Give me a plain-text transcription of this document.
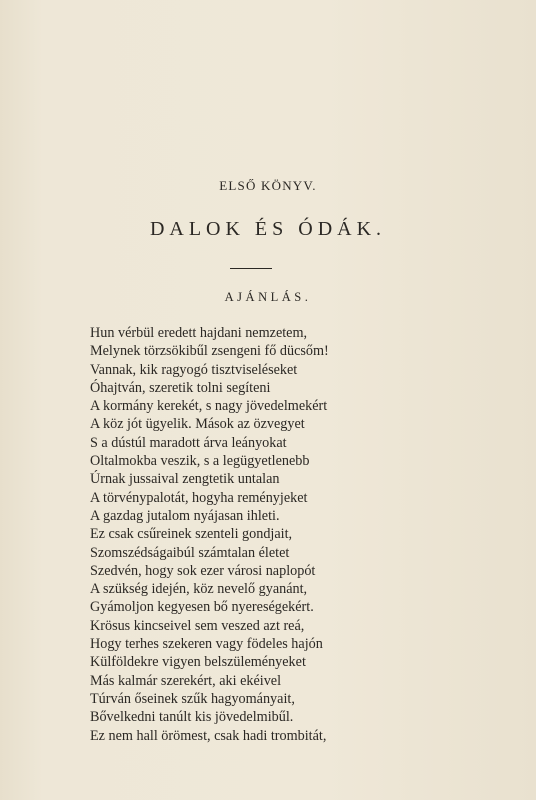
ELSŐ KÖNYV.
DALOK ÉS ÓDÁK.
AJÁNLÁS.
Hun vérbül eredett hajdani nemzetem,
Melynek törzsökibűl zsengeni fő dücsőm!
Vannak, kik ragyogó tisztviseléseket
Óhajtván, szeretik tolni segíteni
A kormány kerekét, s nagy jövedelmekért
A köz jót ügyelik. Mások az özvegyet
S a dústúl maradott árva leányokat
Oltalmokba veszik, s a legügyetlenebb
Úrnak jussaival zengtetik untalan
A törvénypalotát, hogyha reményjeket
A gazdag jutalom nyájasan ihleti.
Ez csak csűreinek szenteli gondjait,
Szomszédságaibúl számtalan életet
Szedvén, hogy sok ezer városi naplopót
A szükség idején, köz nevelő gyanánt,
Gyámoljon kegyesen bő nyereségekért.
Krösus kincseivel sem veszed azt reá,
Hogy terhes szekeren vagy födeles hajón
Külföldekre vigyen belszüleményeket
Más kalmár szerekért, aki ekéivel
Túrván őseinek szűk hagyományait,
Bővelkedni tanúlt kis jövedelmibűl.
Ez nem hall örömest, csak hadi trombitát,
